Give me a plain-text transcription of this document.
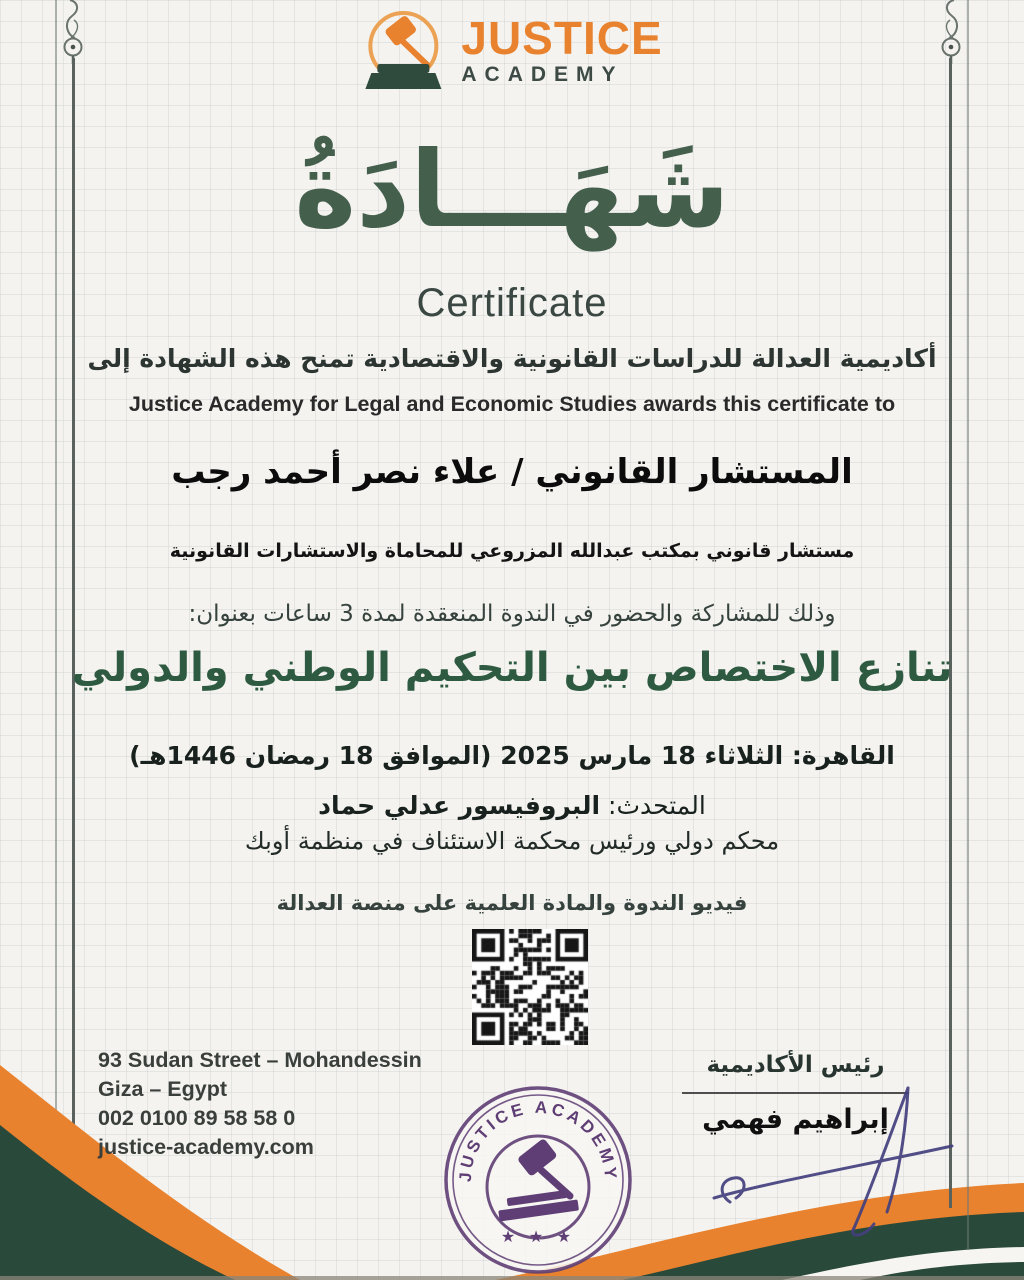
JUSTICE
ACADEMY
شَهَـــادَةُ
Certificate
أكاديمية العدالة للدراسات القانونية والاقتصادية تمنح هذه الشهادة إلى
Justice Academy for Legal and Economic Studies awards this certificate to
المستشار القانوني / علاء نصر أحمد رجب
مستشار قانوني بمكتب عبدالله المزروعي للمحاماة والاستشارات القانونية
وذلك للمشاركة والحضور في الندوة المنعقدة لمدة 3 ساعات بعنوان:
تنازع الاختصاص بين التحكيم الوطني والدولي
القاهرة: الثلاثاء 18 مارس 2025 (الموافق 18 رمضان 1446هـ)
المتحدث: البروفيسور عدلي حماد
محكم دولي ورئيس محكمة الاستئناف في منظمة أوبك
فيديو الندوة والمادة العلمية على منصة العدالة
93 Sudan Street – Mohandessin
Giza – Egypt
002 0100 89 58 58 0
justice-academy.com
رئيس الأكاديمية
إبراهيم فهمي
JUSTICE ACADEMY
★ ★ ★
